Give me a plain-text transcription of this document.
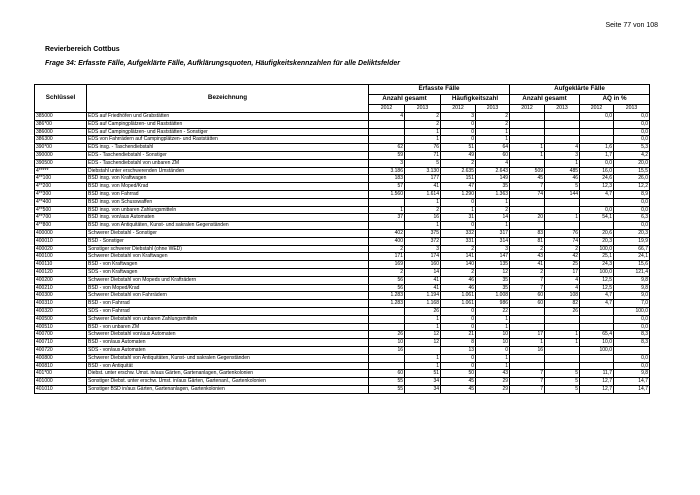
Seite 77 von 108
Revierbereich Cottbus
Frage 34: Erfasste Fälle, Aufgeklärte Fälle, Aufklärungsquoten, Häufigkeitskennzahlen für alle Deliktsfelder
Schlüssel	Bezeichnung	Erfasste Fälle				Aufgeklärte Fälle			
		Anzahl gesamt		Häufigkeitszahl		Anzahl gesamt		AQ in %	
		2012	2013	2012	2013	2012	2013	2012	2013
385000	EDS auf Friedhöfen und Grabstätten	4	2	3	2			0,0	0,0
386*00	EDS auf Campingplätzen- und Raststätten		2	0	2				0,0
386000	EDS auf Campingplätzen- und Raststätten - Sonstiger		1	0	1				0,0
386300	EDS von Fahrrädern auf Campingplätzen- und Raststätten		1	0	1				0,0
390*00	EDS insg. - Taschendiebstahl	62	76	51	64	1	4	1,6	5,3
390000	EDS - Taschendiebstahl - Sonstiger	59	71	49	60	1	3	1,7	4,2
390500	EDS - Taschendiebstahl von unbaren ZM	3	5	2	4		1	0,0	20,0
4*****	Diebstahl unter erschwerenden Umständen	3.186	3.130	2.635	2.643	509	485	16,0	15,5
4**100	BSD insg. von Kraftwagen	183	177	151	149	45	46	24,6	26,0
4**200	BSD insg. von Moped/Krad	57	41	47	35	7	5	12,3	12,2
4**300	BSD insg. von Fahrrad	1.560	1.614	1.290	1.363	74	144	4,7	8,9
4**400	BSD insg. von Schusswaffen		1	0	1				0,0
4**500	BSD insg. von unbaren Zahlungsmitteln	1	2	1	2			0,0	0,0
4**700	BSD insg. von/aus Automaten	37	16	31	14	20	1	54,1	6,3
4**800	BSD insg. von Antiquitäten, Kunst- und sakralen Gegenständen		1	0	1				0,0
400000	Schwerer Diebstahl - Sonstiger	402	375	332	317	83	76	20,6	20,3
400010	BSD - Sonstiger	400	372	331	314	81	74	20,3	19,9
400020	Sonstiger schwerer Diebstahl (ohne WED)	2	3	2	3	2	2	100,0	66,7
400100	Schwerer Diebstahl von Kraftwagen	171	174	141	147	43	42	25,1	24,1
400110	BSD - von Kraftwagen	169	160	140	135	41	25	24,3	15,6
400120	SDS - von Kraftwagen	2	14	2	12	2	17	100,0	121,4
400200	Schwerer Diebstahl von Mopeds und Krafträdern	56	41	46	35	7	4	12,5	9,8
400210	BSD - von Moped/Krad	56	41	46	35	7	4	12,5	9,8
400300	Schwerer Diebstahl von Fahrrädern	1.283	1.194	1.061	1.008	60	108	4,7	9,0
400310	BSD - von Fahrrad	1.283	1.168	1.061	986	60	82	4,7	7,0
400320	SDS - von Fahrrad		26	0	22		26		100,0
400500	Schwerer Diebstahl von unbaren Zahlungsmitteln		1	0	1				0,0
400510	BSD - von unbaren ZM		1	0	1				0,0
400700	Schwerer Diebstahl von/aus Automaten	26	12	21	10	17	1	65,4	8,3
400710	BSD - von/aus Automaten	10	12	8	10	1	1	10,0	8,3
400720	SDS - von/aus Automaten	16		13	0	16		100,0	
400800	Schwerer Diebstahl von Antiquitäten, Kunst- und sakralen Gegenständen		1	0	1				0,0
400810	BSD - von Antiquität		1	0	1				0,0
401*00	Diebst. unter erschw. Umst. in/aus Gärten, Gartenanlagen, Gartenkolonien	60	51	50	43	7	5	11,7	9,8
401000	Sonstiger Diebst. unter erschw. Umst. in/aus Gärten, Gartenanl., Gartenkolonien	55	34	45	29	7	5	12,7	14,7
401010	Sonstiger BSD in/aus Gärten, Gartenanlagen, Gartenkolonien	55	34	45	29	7	5	12,7	14,7
